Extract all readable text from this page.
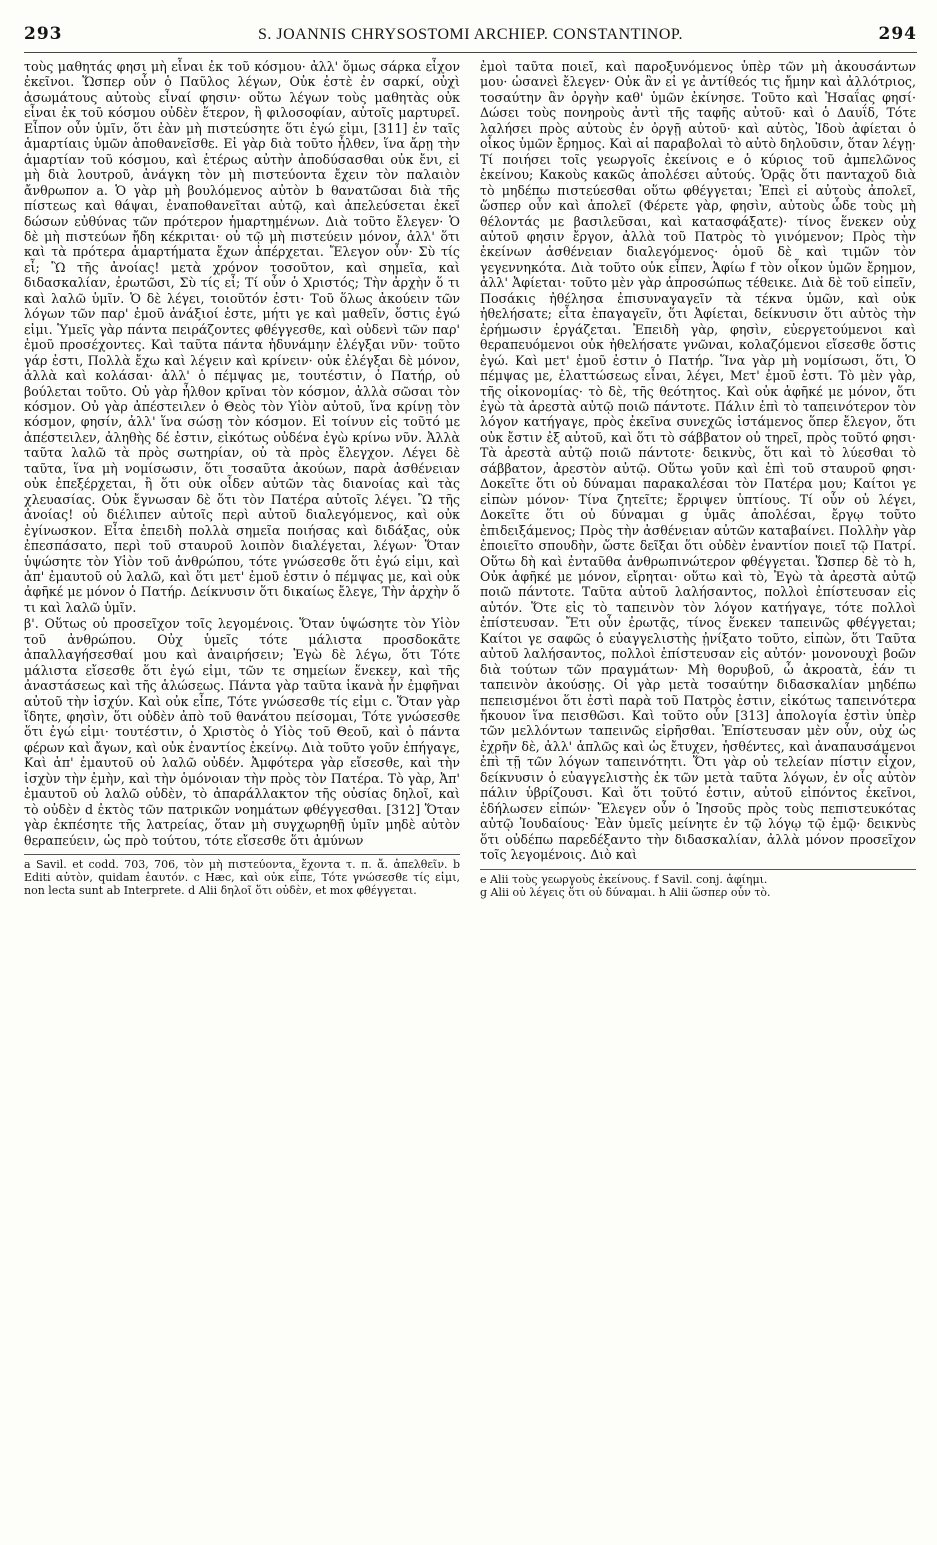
293	S. JOANNIS CHRYSOSTOMI ARCHIEP. CONSTANTINOP.	294

τοὺς μαθητάς φησι μὴ εἶναι ἐκ τοῦ κόσμου· ἀλλ' ὅμως σάρκα εἶχον ἐκεῖνοι. Ὥσπερ οὖν ὁ Παῦλος λέγων, Οὐκ ἐστὲ ἐν σαρκί, οὐχὶ ἀσωμάτους αὐτοὺς εἶναί φησιν· οὕτω λέγων τοὺς μαθητὰς οὐκ εἶναι ἐκ τοῦ κόσμου οὐδὲν ἕτερον, ἢ φιλοσοφίαν, αὐτοῖς μαρτυρεῖ. Εἶπον οὖν ὑμῖν, ὅτι ἐὰν μὴ πιστεύσητε ὅτι ἐγώ εἰμι, [311] ἐν ταῖς ἁμαρτίαις ὑμῶν ἀποθανεῖσθε. Εἰ γὰρ διὰ τοῦτο ἦλθεν, ἵνα ἄρῃ τὴν ἁμαρτίαν τοῦ κόσμου, καὶ ἑτέρως αὐτὴν ἀποδύσασθαι οὐκ ἔνι, εἰ μὴ διὰ λουτροῦ, ἀνάγκη τὸν μὴ πιστεύοντα ἔχειν τὸν παλαιὸν ἄνθρωπον a. Ὁ γὰρ μὴ βουλόμενος αὐτὸν b θανατῶσαι διὰ τῆς πίστεως καὶ θάψαι, ἐναποθανεῖται αὐτῷ, καὶ ἀπελεύσεται ἐκεῖ δώσων εὐθύνας τῶν πρότερον ἡμαρτημένων. Διὰ τοῦτο ἔλεγεν· Ὁ δὲ μὴ πιστεύων ἤδη κέκριται· οὐ τῷ μὴ πιστεύειν μόνον, ἀλλ' ὅτι καὶ τὰ πρότερα ἁμαρτήματα ἔχων ἀπέρχεται. Ἔλεγον οὖν· Σὺ τίς εἶ; Ὢ τῆς ἀνοίας! μετὰ χρόνον τοσοῦτον, καὶ σημεῖα, καὶ διδασκαλίαν, ἐρωτῶσι, Σὺ τίς εἶ; Τί οὖν ὁ Χριστός; Τὴν ἀρχὴν ὅ τι καὶ λαλῶ ὑμῖν. Ὁ δὲ λέγει, τοιοῦτόν ἐστι· Τοῦ ὅλως ἀκούειν τῶν λόγων τῶν παρ' ἐμοῦ ἀνάξιοί ἐστε, μήτι γε καὶ μαθεῖν, ὅστις ἐγώ εἰμι. Ὑμεῖς γὰρ πάντα πειράζοντες φθέγγεσθε, καὶ οὐδενὶ τῶν παρ' ἐμοῦ προσέχοντες. Καὶ ταῦτα πάντα ἠδυνάμην ἐλέγξαι νῦν· τοῦτο γάρ ἐστι, Πολλὰ ἔχω καὶ λέγειν καὶ κρίνειν· οὐκ ἐλέγξαι δὲ μόνον, ἀλλὰ καὶ κολάσαι· ἀλλ' ὁ πέμψας με, τουτέστιν, ὁ Πατήρ, οὐ βούλεται τοῦτο. Οὐ γὰρ ἦλθον κρῖναι τὸν κόσμον, ἀλλὰ σῶσαι τὸν κόσμον. Οὐ γὰρ ἀπέστειλεν ὁ Θεὸς τὸν Υἱὸν αὐτοῦ, ἵνα κρίνῃ τὸν κόσμον, φησίν, ἀλλ' ἵνα σώσῃ τὸν κόσμον. Εἰ τοίνυν εἰς τοῦτό με ἀπέστειλεν, ἀληθὴς δέ ἐστιν, εἰκότως οὐδένα ἐγὼ κρίνω νῦν. Ἀλλὰ ταῦτα λαλῶ τὰ πρὸς σωτηρίαν, οὐ τὰ πρὸς ἔλεγχον. Λέγει δὲ ταῦτα, ἵνα μὴ νομίσωσιν, ὅτι τοσαῦτα ἀκούων, παρὰ ἀσθένειαν οὐκ ἐπεξέρχεται, ἢ ὅτι οὐκ οἶδεν αὐτῶν τὰς διανοίας καὶ τὰς χλευασίας. Οὐκ ἔγνωσαν δὲ ὅτι τὸν Πατέρα αὐτοῖς λέγει. Ὢ τῆς ἀνοίας! οὐ διέλιπεν αὐτοῖς περὶ αὐτοῦ διαλεγόμενος, καὶ οὐκ ἐγίνωσκον. Εἶτα ἐπειδὴ πολλὰ σημεῖα ποιήσας καὶ διδάξας, οὐκ ἐπεσπάσατο, περὶ τοῦ σταυροῦ λοιπὸν διαλέγεται, λέγων· Ὅταν ὑψώσητε τὸν Υἱὸν τοῦ ἀνθρώπου, τότε γνώσεσθε ὅτι ἐγώ εἰμι, καὶ ἀπ' ἐμαυτοῦ οὐ λαλῶ, καὶ ὅτι μετ' ἐμοῦ ἐστιν ὁ πέμψας με, καὶ οὐκ ἀφῆκέ με μόνον ὁ Πατήρ. Δείκνυσιν ὅτι δικαίως ἔλεγε, Τὴν ἀρχὴν ὅ τι καὶ λαλῶ ὑμῖν.

β'. Οὕτως οὐ προσεῖχον τοῖς λεγομένοις. Ὅταν ὑψώσητε τὸν Υἱὸν τοῦ ἀνθρώπου. Οὐχ ὑμεῖς τότε μάλιστα προσδοκᾶτε ἀπαλλαγήσεσθαί μου καὶ ἀναιρήσειν; Ἐγὼ δὲ λέγω, ὅτι Τότε μάλιστα εἴσεσθε ὅτι ἐγώ εἰμι, τῶν τε σημείων ἕνεκεν, καὶ τῆς ἀναστάσεως καὶ τῆς ἁλώσεως. Πάντα γὰρ ταῦτα ἱκανὰ ἦν ἐμφῆναι αὐτοῦ τὴν ἰσχύν. Καὶ οὐκ εἶπε, Τότε γνώσεσθε τίς εἰμι c. Ὅταν γὰρ ἴδητε, φησὶν, ὅτι οὐδὲν ἀπὸ τοῦ θανάτου πείσομαι, Τότε γνώσεσθε ὅτι ἐγώ εἰμι· τουτέστιν, ὁ Χριστὸς ὁ Υἱὸς τοῦ Θεοῦ, καὶ ὁ πάντα φέρων καὶ ἄγων, καὶ οὐκ ἐναντίος ἐκείνῳ. Διὰ τοῦτο γοῦν ἐπήγαγε, Καὶ ἀπ' ἐμαυτοῦ οὐ λαλῶ οὐδέν. Ἀμφότερα γὰρ εἴσεσθε, καὶ τὴν ἰσχὺν τὴν ἐμὴν, καὶ τὴν ὁμόνοιαν τὴν πρὸς τὸν Πατέρα. Τὸ γὰρ, Ἀπ' ἐμαυτοῦ οὐ λαλῶ οὐδὲν, τὸ ἀπαράλλακτον τῆς οὐσίας δηλοῖ, καὶ τὸ οὐδὲν d ἐκτὸς τῶν πατρικῶν νοημάτων φθέγγεσθαι. [312] Ὅταν γὰρ ἐκπέσητε τῆς λατρείας, ὅταν μὴ συγχωρηθῇ ὑμῖν μηδὲ αὐτὸν θεραπεύειν, ὡς πρὸ τούτου, τότε εἴσεσθε ὅτι ἀμύνων

a Savil. et codd. 703, 706, τὸν μὴ πιστεύοντα, ἔχοντα τ. π. ἄ. ἀπελθεῖν. b Editi αὐτὸν, quidam ἑαυτόν. c Hæc, καὶ οὐκ εἶπε, Τότε γνώσεσθε τίς εἰμι, non lecta sunt ab Interprete. d Alii δηλοῖ ὅτι οὐδὲν, et mox φθέγγεται.

ἐμοὶ ταῦτα ποιεῖ, καὶ παροξυνόμενος ὑπὲρ τῶν μὴ ἀκουσάντων μου· ὡσανεὶ ἔλεγεν· Οὐκ ἂν εἰ γε ἀντίθεός τις ἤμην καὶ ἀλλότριος, τοσαύτην ἂν ὀργὴν καθ' ὑμῶν ἐκίνησε. Τοῦτο καὶ Ἡσαΐας φησί· Δώσει τοὺς πονηροὺς ἀντὶ τῆς ταφῆς αὐτοῦ· καὶ ὁ Δαυΐδ, Τότε λαλήσει πρὸς αὐτοὺς ἐν ὀργῇ αὐτοῦ· καὶ αὐτὸς, Ἰδοὺ ἀφίεται ὁ οἶκος ὑμῶν ἔρημος. Καὶ αἱ παραβολαὶ τὸ αὐτὸ δηλοῦσιν, ὅταν λέγῃ· Τί ποιήσει τοῖς γεωργοῖς ἐκείνοις e ὁ κύριος τοῦ ἀμπελῶνος ἐκείνου; Κακοὺς κακῶς ἀπολέσει αὐτούς. Ὁρᾷς ὅτι πανταχοῦ διὰ τὸ μηδέπω πιστεύεσθαι οὕτω φθέγγεται; Ἐπεὶ εἰ αὐτοὺς ἀπολεῖ, ὥσπερ οὖν καὶ ἀπολεῖ (Φέρετε γὰρ, φησὶν, αὐτοὺς ὧδε τοὺς μὴ θέλοντάς με βασιλεῦσαι, καὶ κατασφάξατε)· τίνος ἕνεκεν οὐχ αὐτοῦ φησιν ἔργον, ἀλλὰ τοῦ Πατρὸς τὸ γινόμενον; Πρὸς τὴν ἐκείνων ἀσθένειαν διαλεγόμενος· ὁμοῦ δὲ καὶ τιμῶν τὸν γεγεννηκότα. Διὰ τοῦτο οὐκ εἶπεν, Ἀφίω f τὸν οἶκον ὑμῶν ἔρημον, ἀλλ' Ἀφίεται· τοῦτο μὲν γὰρ ἀπροσώπως τέθεικε. Διὰ δὲ τοῦ εἰπεῖν, Ποσάκις ἠθέλησα ἐπισυναγαγεῖν τὰ τέκνα ὑμῶν, καὶ οὐκ ἠθελήσατε; εἶτα ἐπαγαγεῖν, ὅτι Ἀφίεται, δείκνυσιν ὅτι αὐτὸς τὴν ἐρήμωσιν ἐργάζεται. Ἐπειδὴ γὰρ, φησὶν, εὐεργετούμενοι καὶ θεραπευόμενοι οὐκ ἠθελήσατε γνῶναι, κολαζόμενοι εἴσεσθε ὅστις ἐγώ. Καὶ μετ' ἐμοῦ ἐστιν ὁ Πατήρ. Ἵνα γὰρ μὴ νομίσωσι, ὅτι, Ὁ πέμψας με, ἐλαττώσεως εἶναι, λέγει, Μετ' ἐμοῦ ἐστι. Τὸ μὲν γὰρ, τῆς οἰκονομίας· τὸ δὲ, τῆς θεότητος. Καὶ οὐκ ἀφῆκέ με μόνον, ὅτι ἐγὼ τὰ ἀρεστὰ αὐτῷ ποιῶ πάντοτε. Πάλιν ἐπὶ τὸ ταπεινότερον τὸν λόγον κατήγαγε, πρὸς ἐκεῖνα συνεχῶς ἱστάμενος ὅπερ ἔλεγον, ὅτι οὐκ ἔστιν ἐξ αὐτοῦ, καὶ ὅτι τὸ σάββατον οὐ τηρεῖ, πρὸς τοῦτό φησι· Τὰ ἀρεστὰ αὐτῷ ποιῶ πάντοτε· δεικνὺς, ὅτι καὶ τὸ λύεσθαι τὸ σάββατον, ἀρεστὸν αὐτῷ. Οὕτω γοῦν καὶ ἐπὶ τοῦ σταυροῦ φησι· Δοκεῖτε ὅτι οὐ δύναμαι παρακαλέσαι τὸν Πατέρα μου; Καίτοι γε εἰπὼν μόνον· Τίνα ζητεῖτε; ἔρριψεν ὑπτίους. Τί οὖν οὐ λέγει, Δοκεῖτε ὅτι οὐ δύναμαι g ὑμᾶς ἀπολέσαι, ἔργῳ τοῦτο ἐπιδειξάμενος; Πρὸς τὴν ἀσθένειαν αὐτῶν καταβαίνει. Πολλὴν γὰρ ἐποιεῖτο σπουδὴν, ὥστε δεῖξαι ὅτι οὐδὲν ἐναντίον ποιεῖ τῷ Πατρί. Οὕτω δὴ καὶ ἐνταῦθα ἀνθρωπινώτερον φθέγγεται. Ὥσπερ δὲ τὸ h, Οὐκ ἀφῆκέ με μόνον, εἴρηται· οὕτω καὶ τὸ, Ἐγὼ τὰ ἀρεστὰ αὐτῷ ποιῶ πάντοτε. Ταῦτα αὐτοῦ λαλήσαντος, πολλοὶ ἐπίστευσαν εἰς αὐτόν. Ὅτε εἰς τὸ ταπεινὸν τὸν λόγον κατήγαγε, τότε πολλοὶ ἐπίστευσαν. Ἔτι οὖν ἐρωτᾷς, τίνος ἕνεκεν ταπεινῶς φθέγγεται; Καίτοι γε σαφῶς ὁ εὐαγγελιστὴς ᾐνίξατο τοῦτο, εἰπὼν, ὅτι Ταῦτα αὐτοῦ λαλήσαντος, πολλοὶ ἐπίστευσαν εἰς αὐτόν· μονονουχὶ βοῶν διὰ τούτων τῶν πραγμάτων· Μὴ θορυβοῦ, ὦ ἀκροατὰ, ἐάν τι ταπεινὸν ἀκούσῃς. Οἱ γὰρ μετὰ τοσαύτην διδασκαλίαν μηδέπω πεπεισμένοι ὅτι ἐστὶ παρὰ τοῦ Πατρὸς ἐστιν, εἰκότως ταπεινότερα ἤκουον ἵνα πεισθῶσι. Καὶ τοῦτο οὖν [313] ἀπολογία ἐστὶν ὑπὲρ τῶν μελλόντων ταπεινῶς εἰρῆσθαι. Ἐπίστευσαν μὲν οὖν, οὐχ ὡς ἐχρῆν δὲ, ἀλλ' ἁπλῶς καὶ ὡς ἔτυχεν, ἡσθέντες, καὶ ἀναπαυσάμενοι ἐπὶ τῇ τῶν λόγων ταπεινότητι. Ὅτι γὰρ οὐ τελείαν πίστιν εἶχον, δείκνυσιν ὁ εὐαγγελιστὴς ἐκ τῶν μετὰ ταῦτα λόγων, ἐν οἷς αὐτὸν πάλιν ὑβρίζουσι. Καὶ ὅτι τοῦτό ἐστιν, αὐτοῦ εἰπόντος ἐκεῖνοι, ἐδήλωσεν εἰπών· Ἔλεγεν οὖν ὁ Ἰησοῦς πρὸς τοὺς πεπιστευκότας αὐτῷ Ἰουδαίους· Ἐὰν ὑμεῖς μείνητε ἐν τῷ λόγῳ τῷ ἐμῷ· δεικνὺς ὅτι οὐδέπω παρεδέξαντο τὴν διδασκαλίαν, ἀλλὰ μόνον προσεῖχον τοῖς λεγομένοις. Διὸ καὶ

e Alii τοὺς γεωργοὺς ἐκείνους. f Savil. conj. ἀφίημι.

g Alii οὐ λέγεις ὅτι οὐ δύναμαι. h Alii ὥσπερ οὖν τὸ.
